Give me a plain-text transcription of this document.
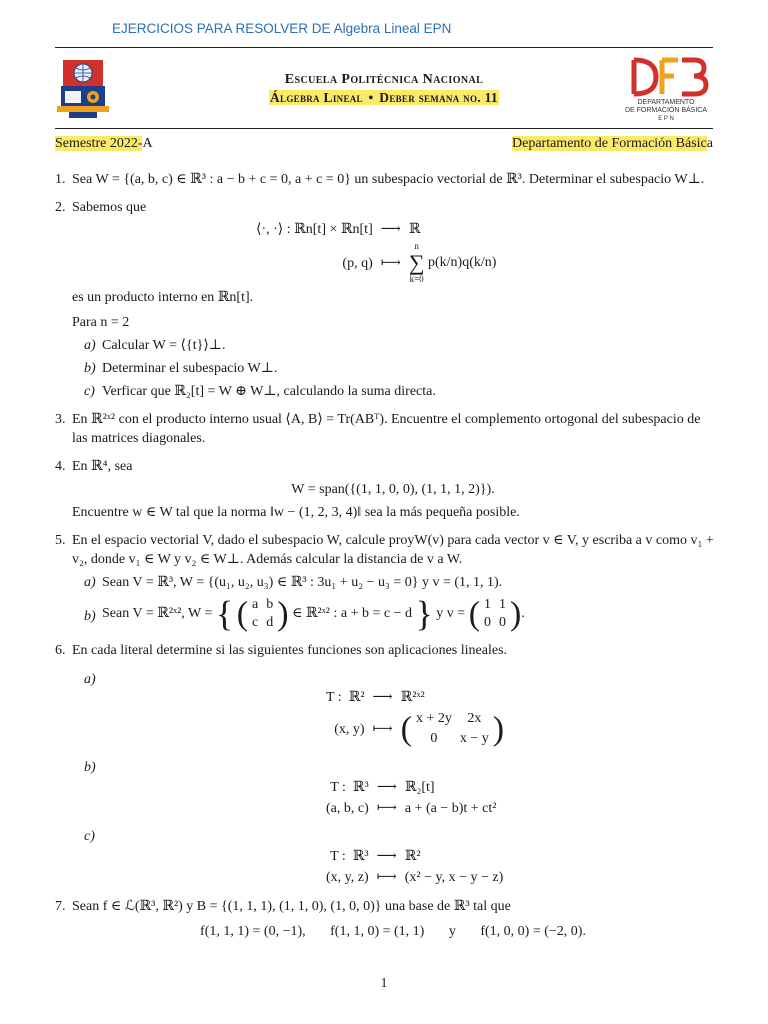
EJERCICIOS PARA RESOLVER DE Algebra Lineal EPN
Escuela Politécnica Nacional
Álgebra Lineal • Deber semana no. 11	DEPARTAMENTO
DE FORMACIÓN BÁSICA
E P N
Semestre 2022-A	Departamento de Formación Básica
1. Sea W = {(a, b, c) ∈ ℝ³ : a − b + c = 0, a + c = 0} un subespacio vectorial de ℝ³. Determinar el subespacio W⊥.
2. Sabemos que
⟨·, ·⟩ : ℝn[t] × ℝn[t]	⟶	ℝ
(p, q)	⟼	n
∑
k=0
p(k/n)q(k/n)
es un producto interno en ℝn[t].
Para n = 2
a) Calcular W = ⟨{t}⟩⊥.
b) Determinar el subespacio W⊥.
c) Verficar que ℝ₂[t] = W ⊕ W⊥, calculando la suma directa.
3. En ℝ²ˣ² con el producto interno usual ⟨A, B⟩ = Tr(ABᵀ). Encuentre el complemento ortogonal del subespacio de las matrices diagonales.
4. En ℝ⁴, sea
W = span({(1, 1, 0, 0), (1, 1, 1, 2)}).
Encuentre w ∈ W tal que la norma ‖w − (1, 2, 3, 4)‖ sea la más pequeña posible.
5. En el espacio vectorial V, dado el subespacio W, calcule proyW(v) para cada vector v ∈ V, y escriba a v como v₁ + v₂, donde v₁ ∈ W y v₂ ∈ W⊥. Además calcular la distancia de v a W.
a) Sean V = ℝ³, W = {(u₁, u₂, u₃) ∈ ℝ³ : 3u₁ + u₂ − u₃ = 0} y v = (1, 1, 1).
b) Sean V = ℝ²ˣ², W = { ( a	b
c	d ) ∈ ℝ²ˣ² : a + b = c − d } y v = ( 1	1
0	0 ).
6. En cada literal determine si las siguientes funciones son aplicaciones lineales.
a)

T : ℝ²	⟶	ℝ²ˣ²
(x, y)	⟼	( x + 2y	2x
0	x − y )
b)

T : ℝ³	⟶	ℝ₂[t]
(a, b, c)	⟼	a + (a − b)t + ct²
c)

T : ℝ³	⟶	ℝ²
(x, y, z)	⟼	(x² − y, x − y − z)
7. Sean f ∈ ℒ(ℝ³, ℝ²) y B = {(1, 1, 1), (1, 1, 0), (1, 0, 0)} una base de ℝ³ tal que
f(1, 1, 1) = (0, −1), f(1, 1, 0) = (1, 1) y f(1, 0, 0) = (−2, 0).
1
